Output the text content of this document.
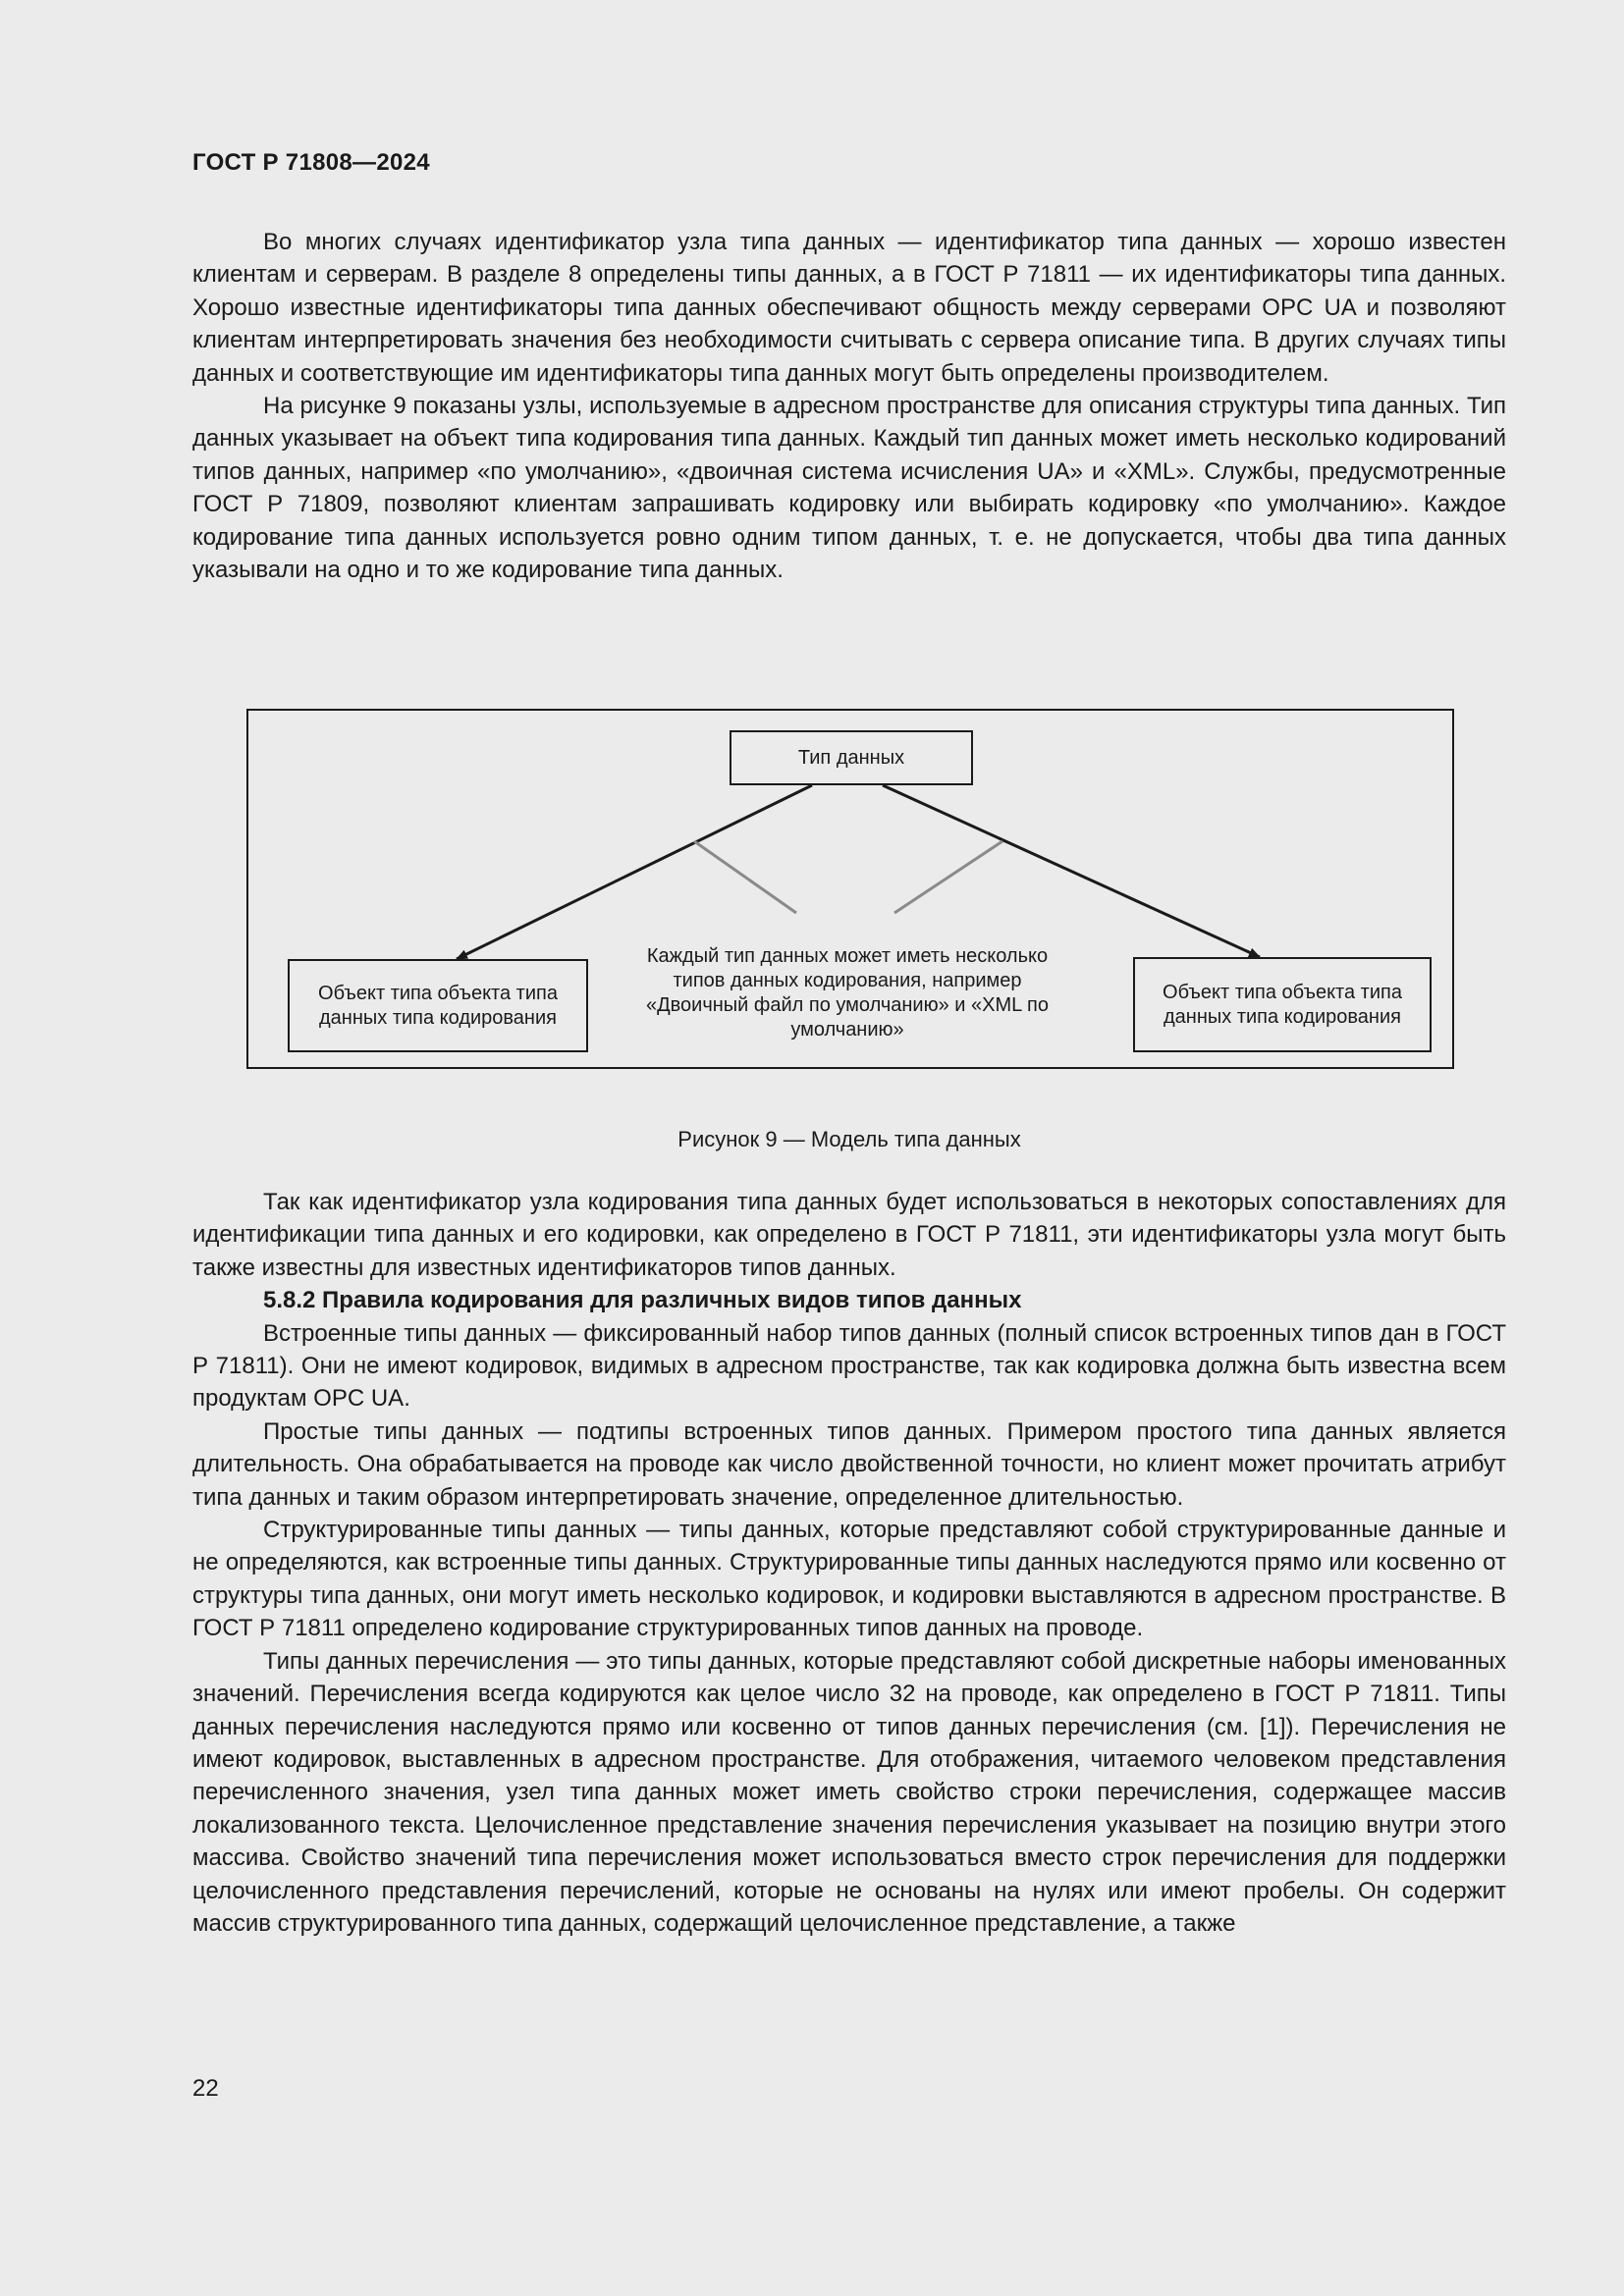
ГОСТ Р 71808—2024

Во многих случаях идентификатор узла типа данных — идентификатор типа данных — хорошо известен клиентам и серверам. В разделе 8 определены типы данных, а в ГОСТ Р 71811 — их идентификаторы типа данных. Хорошо известные идентификаторы типа данных обеспечивают общность между серверами OPC UA и позволяют клиентам интерпретировать значения без необходимости считывать с сервера описание типа. В других случаях типы данных и соответствующие им идентификаторы типа данных могут быть определены производителем.

На рисунке 9 показаны узлы, используемые в адресном пространстве для описания структуры типа данных. Тип данных указывает на объект типа кодирования типа данных. Каждый тип данных может иметь несколько кодирований типов данных, например «по умолчанию», «двоичная система исчисления UA» и «XML». Службы, предусмотренные ГОСТ Р 71809, позволяют клиентам запрашивать кодировку или выбирать кодировку «по умолчанию». Каждое кодирование типа данных используется ровно одним типом данных, т. е. не допускается, чтобы два типа данных указывали на одно и то же кодирование типа данных.

Тип данных
Объект типа объекта типа данных типа кодирования
Объект типа объекта типа данных типа кодирования
Каждый тип данных может иметь несколько типов данных кодирования, например «Двоичный файл по умолчанию» и «XML по умолчанию»
Рисунок 9 — Модель типа данных

Так как идентификатор узла кодирования типа данных будет использоваться в некоторых сопоставлениях для идентификации типа данных и его кодировки, как определено в ГОСТ Р 71811, эти идентификаторы узла могут быть также известны для известных идентификаторов типов данных.

5.8.2 Правила кодирования для различных видов типов данных

Встроенные типы данных — фиксированный набор типов данных (полный список встроенных типов дан в ГОСТ Р 71811). Они не имеют кодировок, видимых в адресном пространстве, так как кодировка должна быть известна всем продуктам OPC UA.

Простые типы данных — подтипы встроенных типов данных. Примером простого типа данных является длительность. Она обрабатывается на проводе как число двойственной точности, но клиент может прочитать атрибут типа данных и таким образом интерпретировать значение, определенное длительностью.

Структурированные типы данных — типы данных, которые представляют собой структурированные данные и не определяются, как встроенные типы данных. Структурированные типы данных наследуются прямо или косвенно от структуры типа данных, они могут иметь несколько кодировок, и кодировки выставляются в адресном пространстве. В ГОСТ Р 71811 определено кодирование структурированных типов данных на проводе.

Типы данных перечисления — это типы данных, которые представляют собой дискретные наборы именованных значений. Перечисления всегда кодируются как целое число 32 на проводе, как определено в ГОСТ Р 71811. Типы данных перечисления наследуются прямо или косвенно от типов данных перечисления (см. [1]). Перечисления не имеют кодировок, выставленных в адресном пространстве. Для отображения, читаемого человеком представления перечисленного значения, узел типа данных может иметь свойство строки перечисления, содержащее массив локализованного текста. Целочисленное представление значения перечисления указывает на позицию внутри этого массива. Свойство значений типа перечисления может использоваться вместо строк перечисления для поддержки целочисленного представления перечислений, которые не основаны на нулях или имеют пробелы. Он содержит массив структурированного типа данных, содержащий целочисленное представление, а также

22
